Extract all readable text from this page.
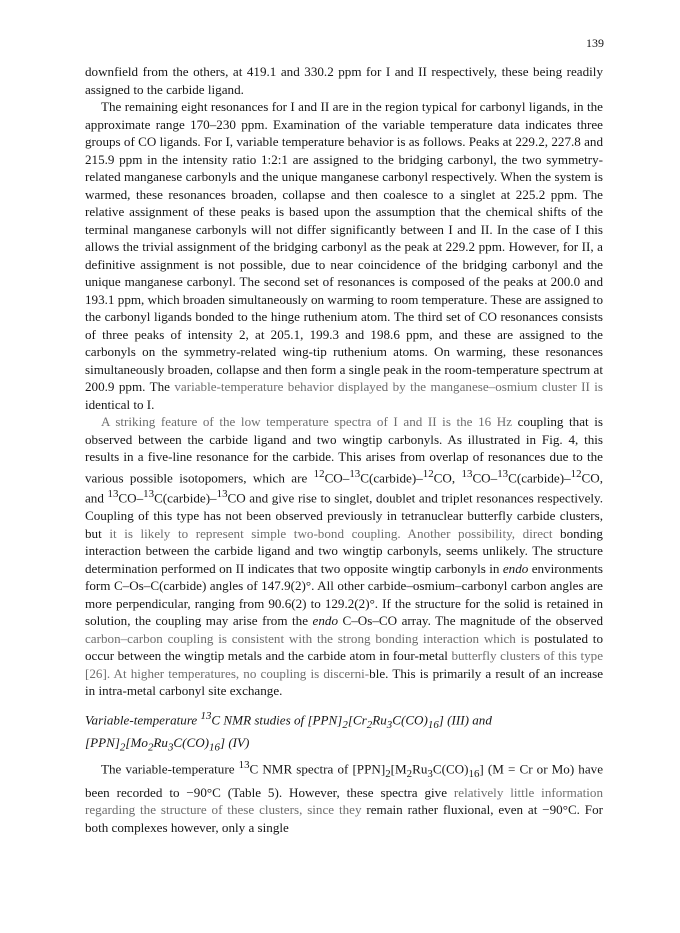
139

downfield from the others, at 419.1 and 330.2 ppm for I and II respectively, these being readily assigned to the carbide ligand.

The remaining eight resonances for I and II are in the region typical for carbonyl ligands, in the approximate range 170–230 ppm. Examination of the variable temperature data indicates three groups of CO ligands. For I, variable temperature behavior is as follows. Peaks at 229.2, 227.8 and 215.9 ppm in the intensity ratio 1:2:1 are assigned to the bridging carbonyl, the two symmetry-related manganese carbonyls and the unique manganese carbonyl respectively. When the system is warmed, these resonances broaden, collapse and then coalesce to a singlet at 225.2 ppm. The relative assignment of these peaks is based upon the assumption that the chemical shifts of the terminal manganese carbonyls will not differ significantly between I and II. In the case of I this allows the trivial assignment of the bridging carbonyl as the peak at 229.2 ppm. However, for II, a definitive assignment is not possible, due to near coincidence of the bridging carbonyl and the unique manganese carbonyl. The second set of resonances is composed of the peaks at 200.0 and 193.1 ppm, which broaden simultaneously on warming to room temperature. These are assigned to the carbonyl ligands bonded to the hinge ruthenium atom. The third set of CO resonances consists of three peaks of intensity 2, at 205.1, 199.3 and 198.6 ppm, and these are assigned to the carbonyls on the symmetry-related wing-tip ruthenium atoms. On warming, these resonances simultaneously broaden, collapse and then form a single peak in the room-temperature spectrum at 200.9 ppm. The variable-temperature behavior displayed by the manganese–osmium cluster II is identical to I.

A striking feature of the low temperature spectra of I and II is the 16 Hz coupling that is observed between the carbide ligand and two wingtip carbonyls. As illustrated in Fig. 4, this results in a five-line resonance for the carbide. This arises from overlap of resonances due to the various possible isotopomers, which are $^{12}$CO–$^{13}$C(carbide)–$^{12}$CO, $^{13}$CO–$^{13}$C(carbide)–$^{12}$CO, and $^{13}$CO–$^{13}$C(carbide)–$^{13}$CO and give rise to singlet, doublet and triplet resonances respectively. Coupling of this type has not been observed previously in tetranuclear butterfly carbide clusters, but it is likely to represent simple two-bond coupling. Another possibility, direct bonding interaction between the carbide ligand and two wingtip carbonyls, seems unlikely. The structure determination performed on II indicates that two opposite wingtip carbonyls in endo environments form C–Os–C(carbide) angles of 147.9(2)°. All other carbide–osmium–carbonyl carbon angles are more perpendicular, ranging from 90.6(2) to 129.2(2)°. If the structure for the solid is retained in solution, the coupling may arise from the endo C–Os–CO array. The magnitude of the observed carbon–carbon coupling is consistent with the strong bonding interaction which is postulated to occur between the wingtip metals and the carbide atom in four-metal butterfly clusters of this type [26]. At higher temperatures, no coupling is discerni-ble. This is primarily a result of an increase in intra-metal carbonyl site exchange.

Variable-temperature $^{13}$C NMR studies of $[PPN]_2[Cr_2Ru_3C(CO)_{16}]$ (III) and $[PPN]_2[Mo_2Ru_3C(CO)_{16}]$ (IV)

The variable-temperature $^{13}$C NMR spectra of $[PPN]_2[M_2Ru_3C(CO)_{16}] (M = Cr$ or Mo) have been recorded to −90°C (Table 5). However, these spectra give relatively little information regarding the structure of these clusters, since they remain rather fluxional, even at −90°C. For both complexes however, only a single
